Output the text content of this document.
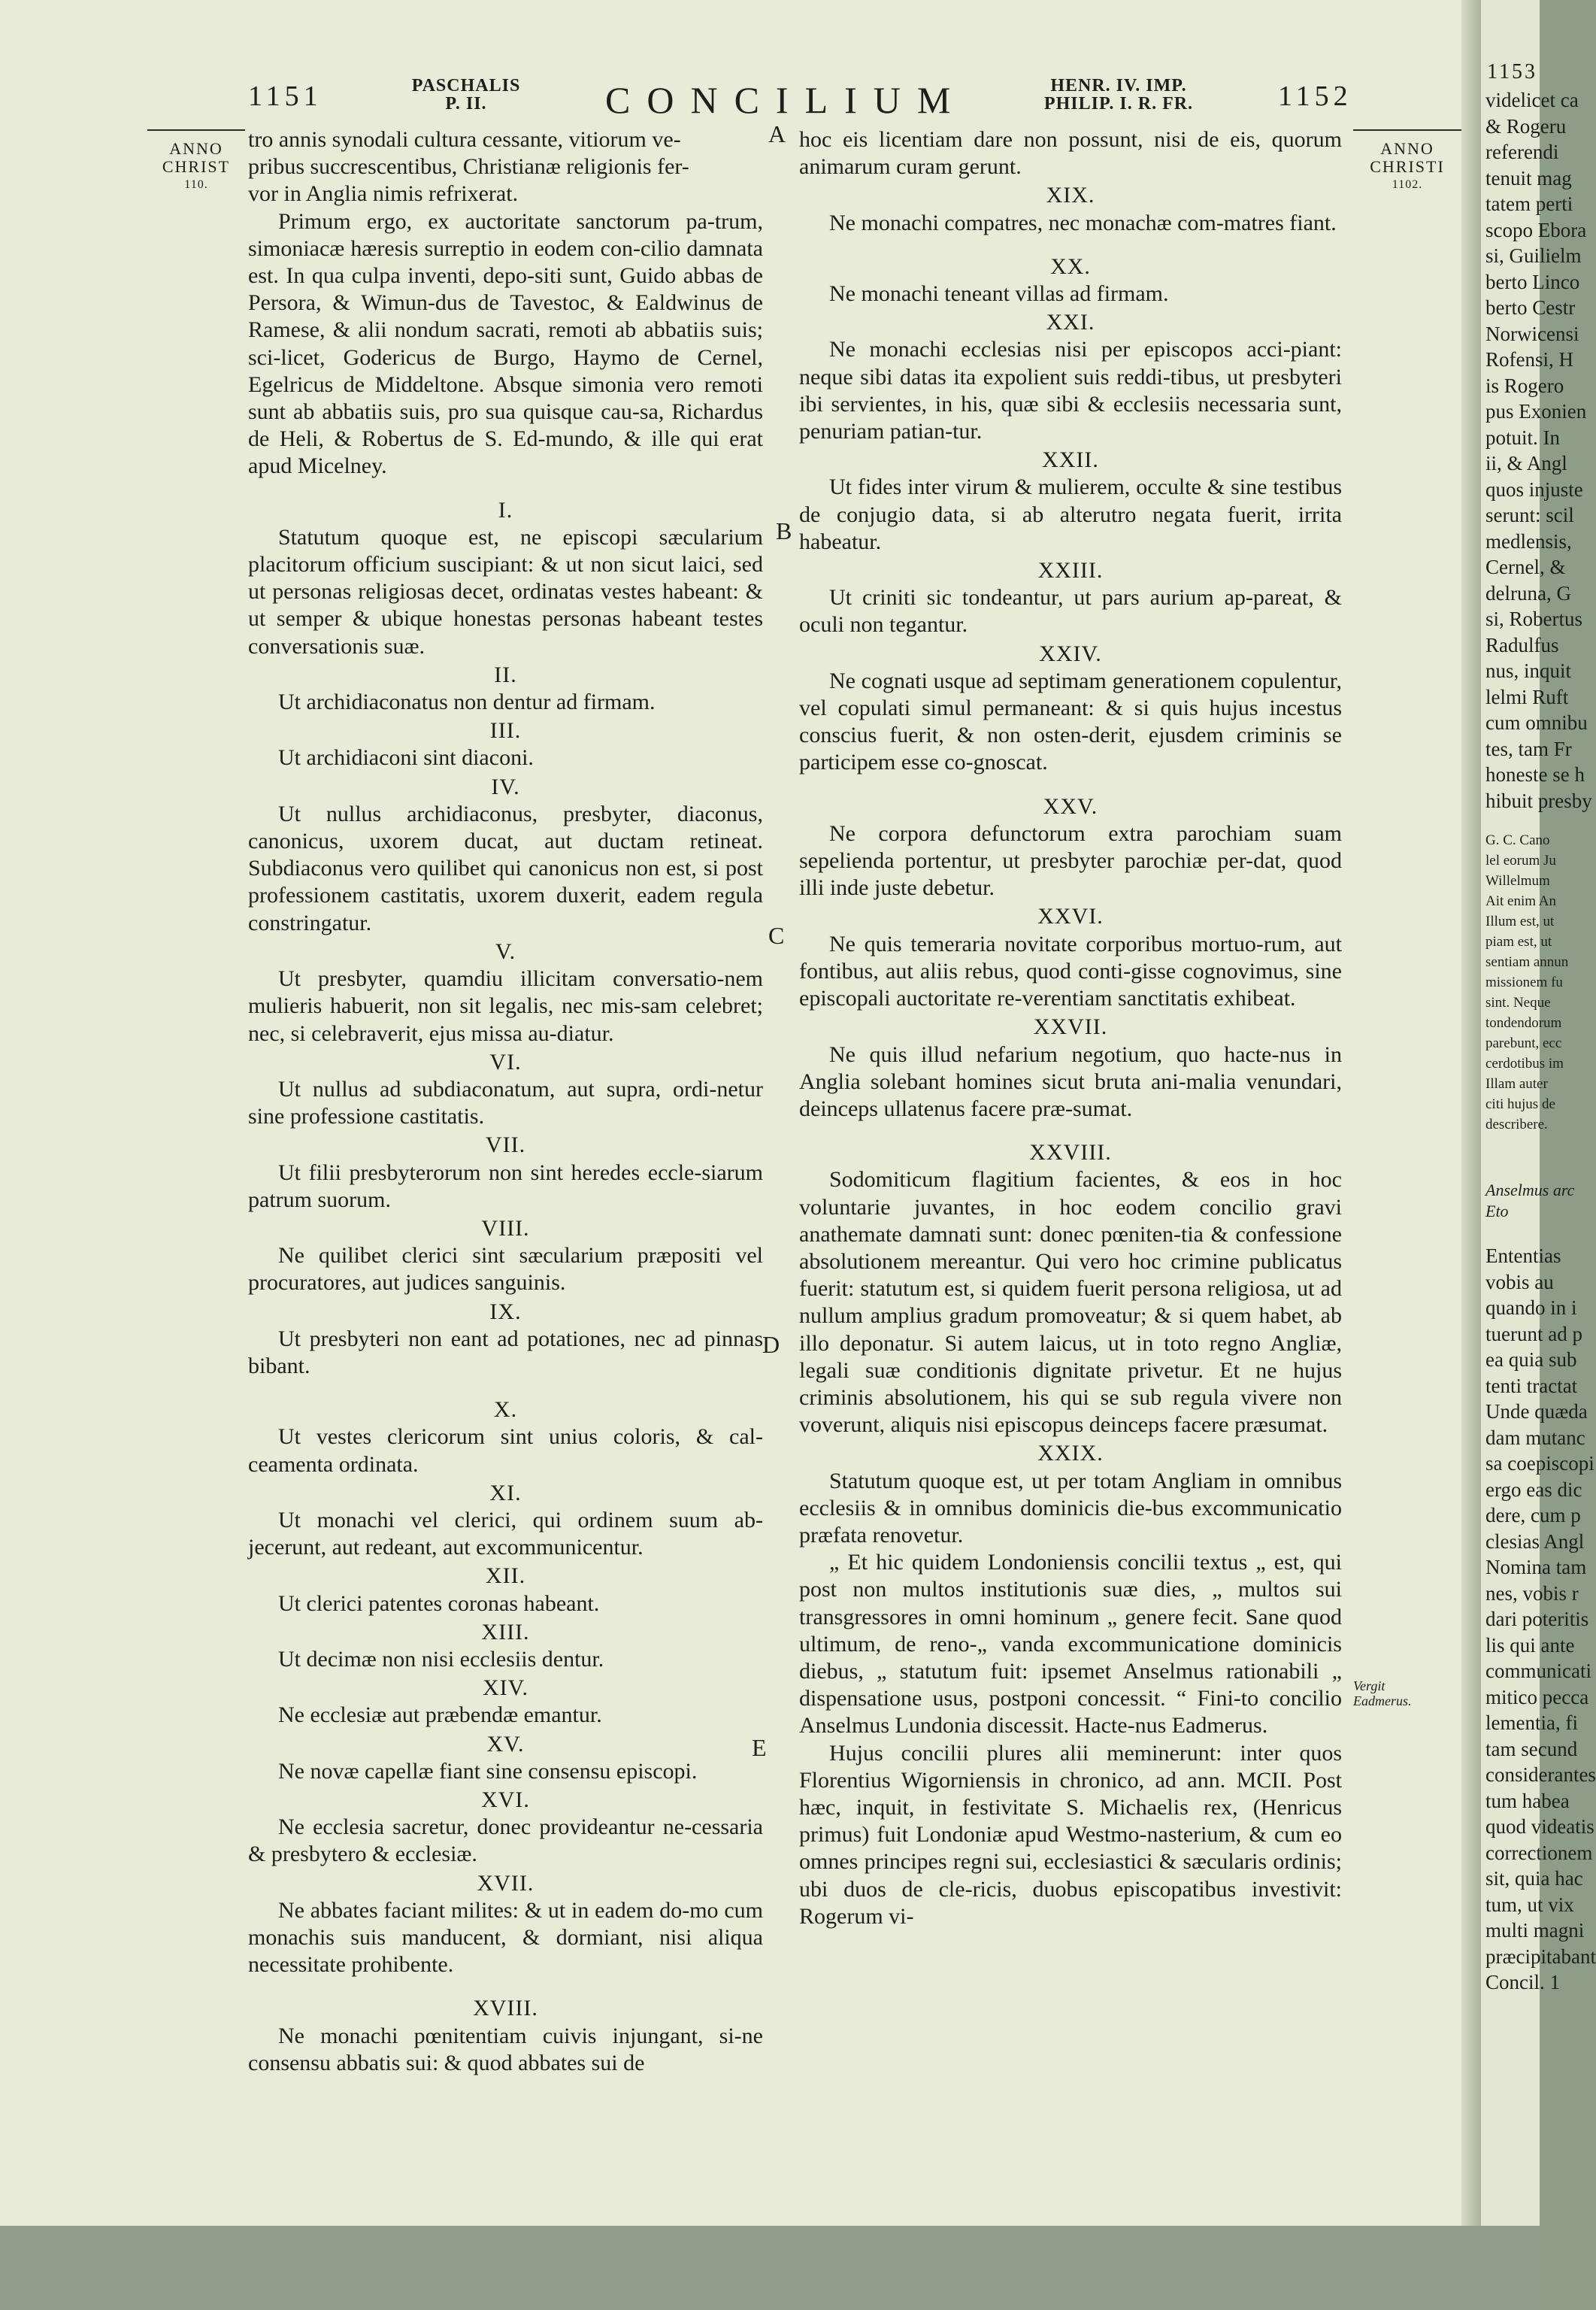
1151	PASCHALIS
P. II.	CONCILIUM	HENR. IV. IMP.
PHILIP. I. R. FR.	1152
ANNO
CHRIST
110.
ANNO
CHRISTI
1102.

tro annis synodali cultura cessante, vitiorum ve-

pribus succrescentibus, Christianæ religionis fer-

vor in Anglia nimis refrixerat.

Primum ergo, ex auctoritate sanctorum pa-trum, simoniacæ hæresis surreptio in eodem con-cilio damnata est. In qua culpa inventi, depo-siti sunt, Guido abbas de Persora, & Wimun-dus de Tavestoc, & Ealdwinus de Ramese, & alii nondum sacrati, remoti ab abbatiis suis; sci-licet, Godericus de Burgo, Haymo de Cernel, Egelricus de Middeltone. Absque simonia vero remoti sunt ab abbatiis suis, pro sua quisque cau-sa, Richardus de Heli, & Robertus de S. Ed-mundo, & ille qui erat apud Micelney.

I.

Statutum quoque est, ne episcopi sæcularium placitorum officium suscipiant: & ut non sicut laici, sed ut personas religiosas decet, ordinatas vestes habeant: & ut semper & ubique honestas personas habeant testes conversationis suæ.

II.

Ut archidiaconatus non dentur ad firmam.

III.

Ut archidiaconi sint diaconi.

IV.

Ut nullus archidiaconus, presbyter, diaconus, canonicus, uxorem ducat, aut ductam retineat. Subdiaconus vero quilibet qui canonicus non est, si post professionem castitatis, uxorem duxerit, eadem regula constringatur.

V.

Ut presbyter, quamdiu illicitam conversatio-nem mulieris habuerit, non sit legalis, nec mis-sam celebret; nec, si celebraverit, ejus missa au-diatur.

VI.

Ut nullus ad subdiaconatum, aut supra, ordi-netur sine professione castitatis.

VII.

Ut filii presbyterorum non sint heredes eccle-siarum patrum suorum.

VIII.

Ne quilibet clerici sint sæcularium præpositi vel procuratores, aut judices sanguinis.

IX.

Ut presbyteri non eant ad potationes, nec ad pinnas bibant.

X.

Ut vestes clericorum sint unius coloris, & cal-ceamenta ordinata.

XI.

Ut monachi vel clerici, qui ordinem suum ab-jecerunt, aut redeant, aut excommunicentur.

XII.

Ut clerici patentes coronas habeant.

XIII.

Ut decimæ non nisi ecclesiis dentur.

XIV.

Ne ecclesiæ aut præbendæ emantur.

XV.

Ne novæ capellæ fiant sine consensu episcopi.

XVI.

Ne ecclesia sacretur, donec provideantur ne-cessaria & presbytero & ecclesiæ.

XVII.

Ne abbates faciant milites: & ut in eadem do-mo cum monachis suis manducent, & dormiant, nisi aliqua necessitate prohibente.

XVIII.

Ne monachi pœnitentiam cuivis injungant, si-ne consensu abbatis sui: & quod abbates sui de

A
B
C
D
E

hoc eis licentiam dare non possunt, nisi de eis, quorum animarum curam gerunt.

XIX.

Ne monachi compatres, nec monachæ com-matres fiant.

XX.

Ne monachi teneant villas ad firmam.

XXI.

Ne monachi ecclesias nisi per episcopos acci-piant: neque sibi datas ita expolient suis reddi-tibus, ut presbyteri ibi servientes, in his, quæ sibi & ecclesiis necessaria sunt, penuriam patian-tur.

XXII.

Ut fides inter virum & mulierem, occulte & sine testibus de conjugio data, si ab alterutro negata fuerit, irrita habeatur.

XXIII.

Ut criniti sic tondeantur, ut pars aurium ap-pareat, & oculi non tegantur.

XXIV.

Ne cognati usque ad septimam generationem copulentur, vel copulati simul permaneant: & si quis hujus incestus conscius fuerit, & non osten-derit, ejusdem criminis se participem esse co-gnoscat.

XXV.

Ne corpora defunctorum extra parochiam suam sepelienda portentur, ut presbyter parochiæ per-dat, quod illi inde juste debetur.

XXVI.

Ne quis temeraria novitate corporibus mortuo-rum, aut fontibus, aut aliis rebus, quod conti-gisse cognovimus, sine episcopali auctoritate re-verentiam sanctitatis exhibeat.

XXVII.

Ne quis illud nefarium negotium, quo hacte-nus in Anglia solebant homines sicut bruta ani-malia venundari, deinceps ullatenus facere præ-sumat.

XXVIII.

Sodomiticum flagitium facientes, & eos in hoc voluntarie juvantes, in hoc eodem concilio gravi anathemate damnati sunt: donec pœniten-tia & confessione absolutionem mereantur. Qui vero hoc crimine publicatus fuerit: statutum est, si quidem fuerit persona religiosa, ut ad nullum amplius gradum promoveatur; & si quem habet, ab illo deponatur. Si autem laicus, ut in toto regno Angliæ, legali suæ conditionis dignitate privetur. Et ne hujus criminis absolutionem, his qui se sub regula vivere non voverunt, aliquis nisi episcopus deinceps facere præsumat.

XXIX.

Statutum quoque est, ut per totam Angliam in omnibus ecclesiis & in omnibus dominicis die-bus excommunicatio præfata renovetur.

„ Et hic quidem Londoniensis concilii textus „ est, qui post non multos institutionis suæ dies, „ multos sui transgressores in omni hominum „ genere fecit. Sane quod ultimum, de reno-„ vanda excommunicatione dominicis diebus, „ statutum fuit: ipsemet Anselmus rationabili „ dispensatione usus, postponi concessit. “ Fini-to concilio Anselmus Lundonia discessit. Hacte-nus Eadmerus.

Hujus concilii plures alii meminerunt: inter quos Florentius Wigorniensis in chronico, ad ann. MCII. Post hæc, inquit, in festivitate S. Michaelis rex, (Henricus primus) fuit Londoniæ apud Westmo-nasterium, & cum eo omnes principes regni sui, ecclesiastici & sæcularis ordinis; ubi duos de cle-ricis, duobus episcopatibus investivit: Rogerum vi-

Vergit Eadmerus.
1153
videlicet ca
& Rogeru
referendi
tenuit mag
tatem perti
scopo Ebora
si, Guilielm
berto Linco
berto Cestr
Norwicensi
Rofensi, H
is Rogero
pus Exonien
potuit. In
ii, & Angl
quos injuste
serunt: scil
medlensis,
Cernel, &
delruna, G
si, Robertus
Radulfus
nus, inquit
lelmi Ruft
cum omnibu
tes, tam Fr
honeste se h
hibuit presby
G. C. Cano
lel eorum Ju
Willelmum
Ait enim An
Illum est, ut
piam est, ut
sentiam annun
missionem fu
sint. Neque
tondendorum
parebunt, ecc
cerdotibus im
Illam auter
citi hujus de
describere.
Anselmus arc
Eto
Ententias
vobis au
quando in i
tuerunt ad p
ea quia sub
tenti tractat
Unde quæda
dam mutanc
sa coepiscopi
ergo eas dic
dere, cum p
clesias Angl
Nomina tam
nes, vobis r
dari poteritis
lis qui ante
communicati
mitico pecca
lementia, fi
tam secund
considerantes
tum habea
quod videatis
correctionem
sit, quia hac
tum, ut vix
multi magni
præcipitabant
Concil. 1
